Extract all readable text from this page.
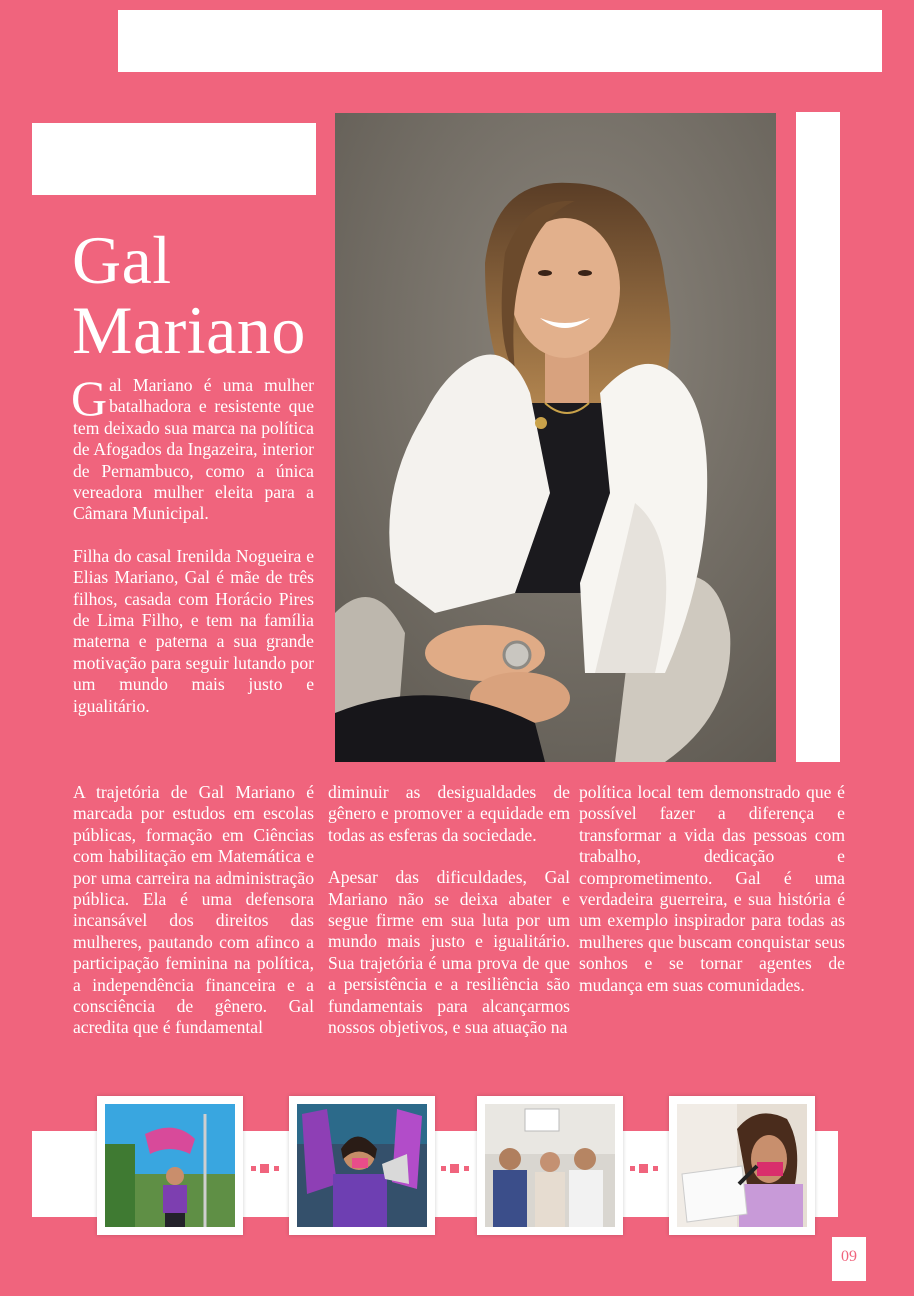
Gal
Mariano

Gal Mariano é uma mulher batalhadora e resistente que tem deixado sua marca na política de Afogados da Ingazeira, interior de Pernambuco, como a única vereadora mulher eleita para a Câmara Municipal.

Filha do casal Irenilda Nogueira e Elias Mariano, Gal é mãe de três filhos, casada com Horácio Pires de Lima Filho, e tem na família materna e paterna a sua grande motivação para seguir lutando por um mundo mais justo e igualitário.

A trajetória de Gal Mariano é marcada por estudos em escolas públicas, formação em Ciências com habilitação em Matemática e por uma carreira na administração pública. Ela é uma defensora incansável dos direitos das mulheres, pautando com afinco a participação feminina na política, a independência financeira e a consciência de gênero. Gal acredita que é fundamental

diminuir as desigualdades de gênero e promover a equidade em todas as esferas da sociedade.

Apesar das dificuldades, Gal Mariano não se deixa abater e segue firme em sua luta por um mundo mais justo e igualitário. Sua trajetória é uma prova de que a persistência e a resiliência são fundamentais para alcançarmos nossos objetivos, e sua atuação na

política local tem demonstrado que é possível fazer a diferença e transformar a vida das pessoas com trabalho, dedicação e comprometimento. Gal é uma verdadeira guerreira, e sua história é um exemplo inspirador para todas as mulheres que buscam conquistar seus sonhos e se tornar agentes de mudança em suas comunidades.

09
